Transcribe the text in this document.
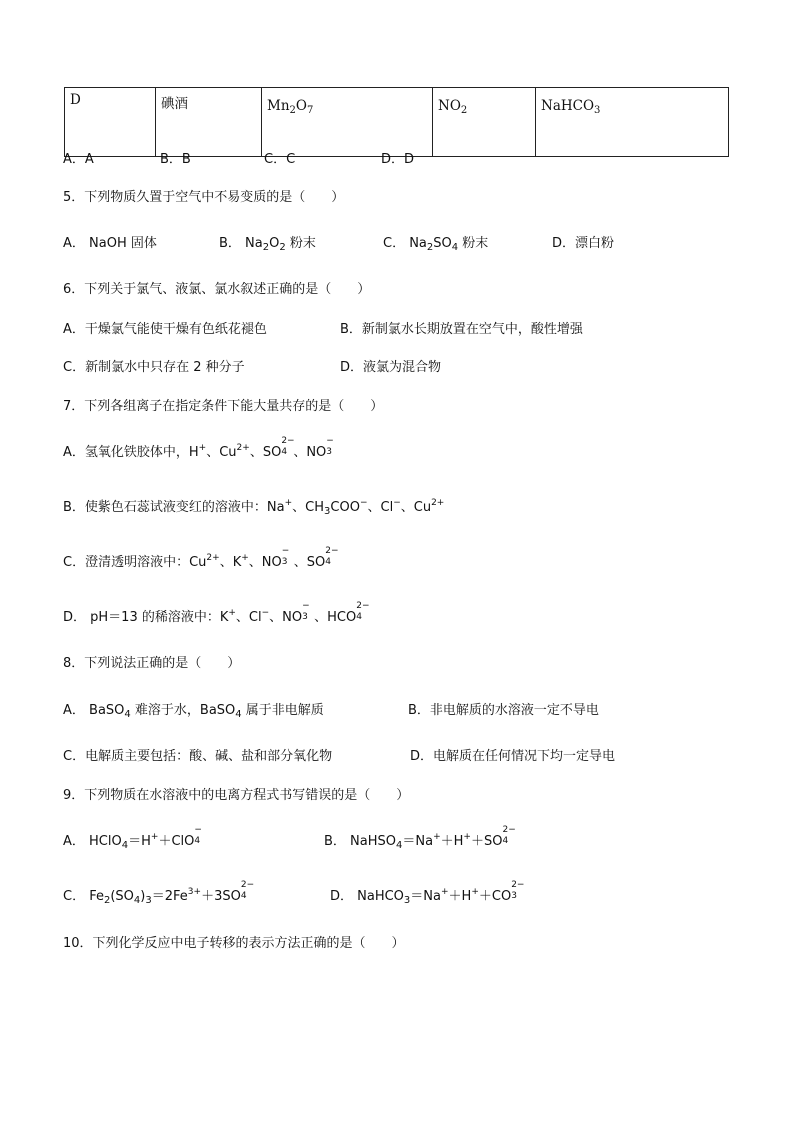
D	碘酒	$Mn_2O_7$	$NO_2$	NaHCO$_3$
A．A	B．B	C．C	D．D
5．下列物质久置于空气中不易变质的是（　　）
A． NaOH 固体	B． $Na_2O_2$ 粉末	C． $Na_2SO_4$ 粉末	D．漂白粉
6．下列关于氯气、液氯、氯水叙述正确的是（　　）
A．干燥氯气能使干燥有色纸花褪色	B．新制氯水长期放置在空气中，酸性增强
C．新制氯水中只存在 2 种分子	D．液氯为混合物
7．下列各组离子在指定条件下能大量共存的是（　　）
A．氢氧化铁胶体中，H+、$Cu^{2+}$、SO
2−
4 、NO
−
3
B．使紫色石蕊试液变红的溶液中：Na+、$CH_3COO^-$、Cl−、$Cu^{2+}$
C．澄清透明溶液中：$Cu^{2+}$、K+、NO
−
3 、SO
2−
4
D． pH＝13 的稀溶液中：K+、Cl−、NO
−
3 、HCO
2−
4
8．下列说法正确的是（　　）
A． BaSO$_4$ 难溶于水，BaSO$_4$ 属于非电解质	B．非电解质的水溶液一定不导电
C．电解质主要包括：酸、碱、盐和部分氧化物	D．电解质在任何情况下均一定导电
9．下列物质在水溶液中的电离方程式书写错误的是（　　）
A． HClO$_4$＝H+＋ClO
−
4	B． NaHSO$_4$＝Na+＋H+＋SO
2−
4
C． $Fe_2(SO_4)_3=2Fe^{3+}+3SO$
2−
4	D． NaHCO$_3$＝Na+＋H+＋CO
2−
3
10．下列化学反应中电子转移的表示方法正确的是（　　）
